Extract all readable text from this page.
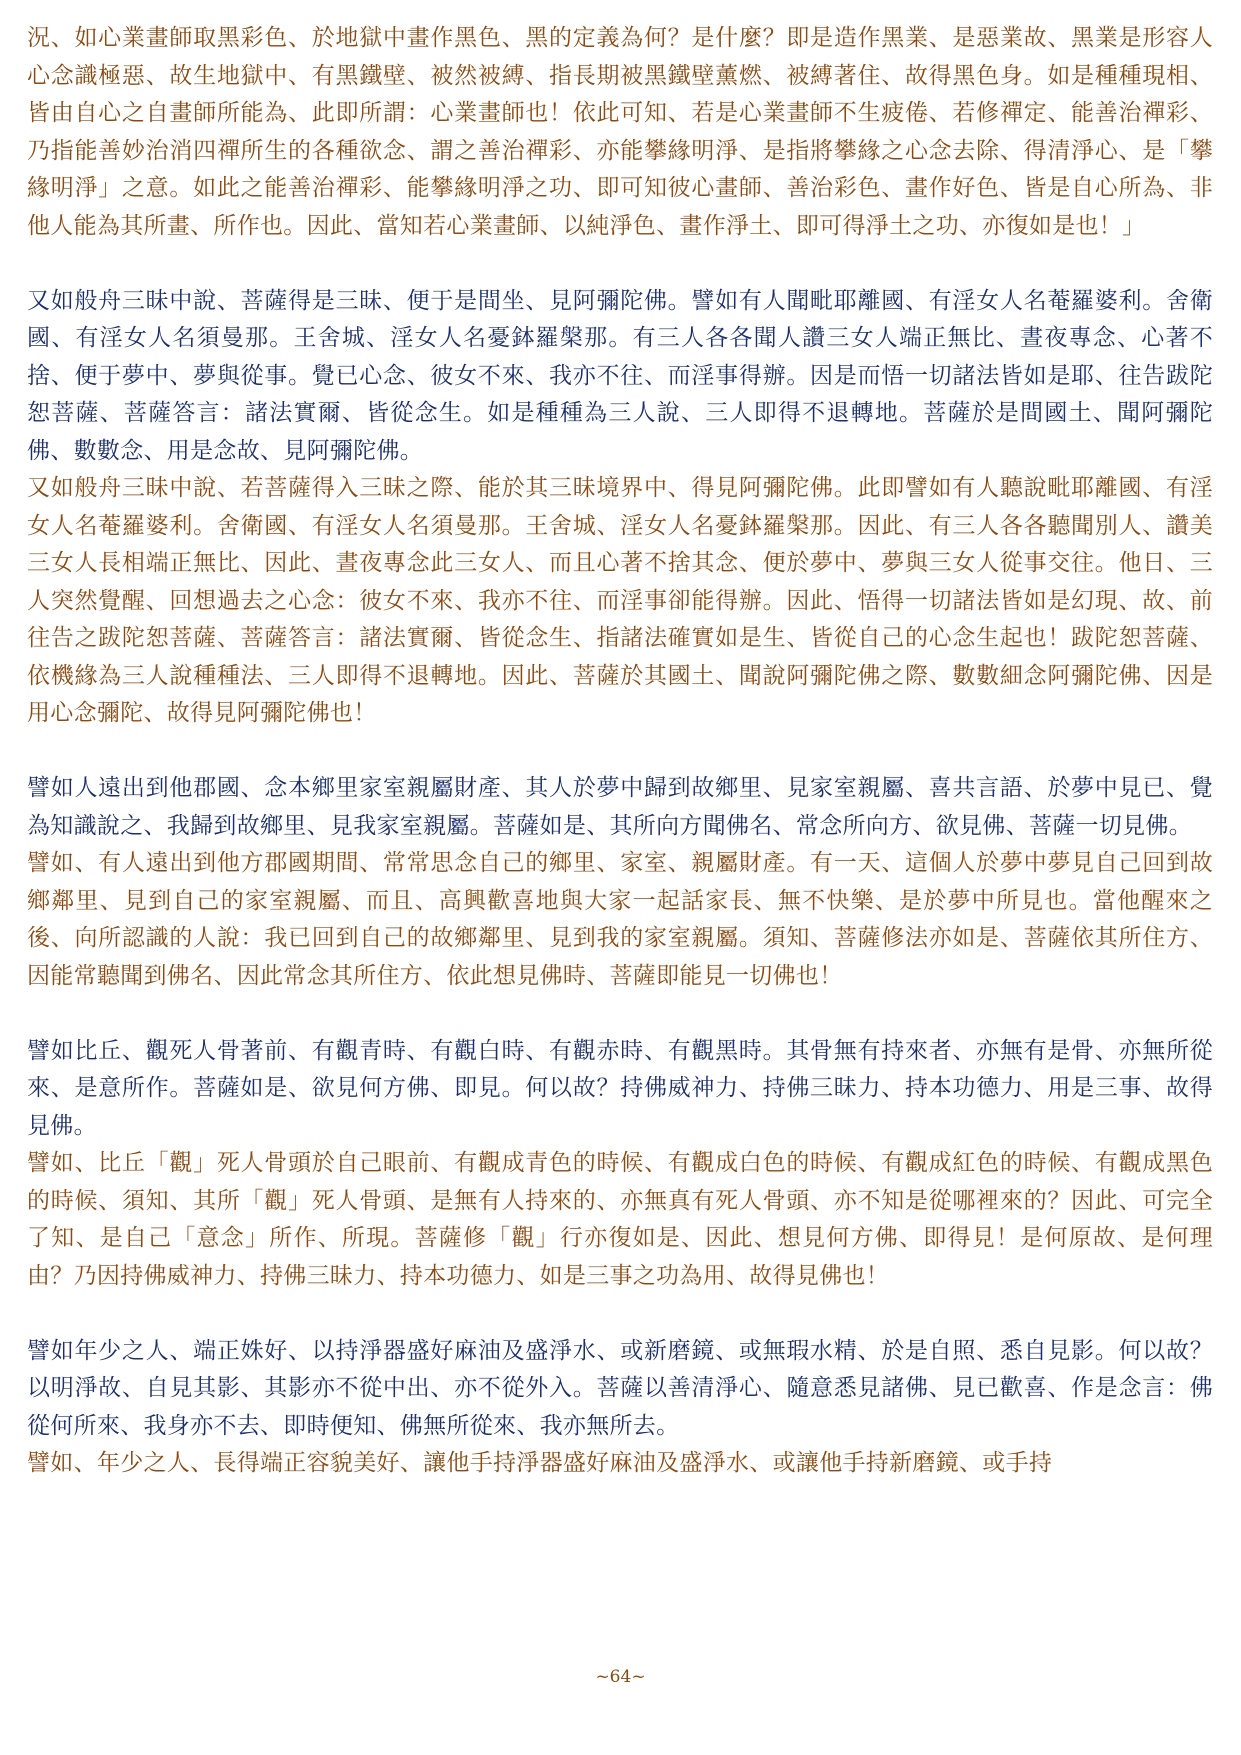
況、如心業畫師取黑彩色、於地獄中畫作黑色、黑的定義為何？是什麼？即是造作黑業、是惡業故、黑業是形容人心念識極惡、故生地獄中、有黑鐵壁、被然被縛、指長期被黑鐵壁薰燃、被縛著住、故得黑色身。如是種種現相、皆由自心之自畫師所能為、此即所謂：心業畫師也！依此可知、若是心業畫師不生疲倦、若修禪定、能善治禪彩、乃指能善妙治消四禪所生的各種欲念、謂之善治禪彩、亦能攀緣明淨、是指將攀緣之心念去除、得清淨心、是「攀緣明淨」之意。如此之能善治禪彩、能攀緣明淨之功、即可知彼心畫師、善治彩色、畫作好色、皆是自心所為、非他人能為其所畫、所作也。因此、當知若心業畫師、以純淨色、畫作淨土、即可得淨土之功、亦復如是也！」

又如般舟三昧中說、菩薩得是三昧、便于是間坐、見阿彌陀佛。譬如有人聞毗耶離國、有淫女人名菴羅婆利。舍衛國、有淫女人名須曼那。王舍城、淫女人名憂鉢羅槃那。有三人各各聞人讚三女人端正無比、晝夜專念、心著不捨、便于夢中、夢與從事。覺已心念、彼女不來、我亦不往、而淫事得辦。因是而悟一切諸法皆如是耶、往告跋陀恕菩薩、菩薩答言：諸法實爾、皆從念生。如是種種為三人說、三人即得不退轉地。菩薩於是間國土、聞阿彌陀佛、數數念、用是念故、見阿彌陀佛。

又如般舟三昧中說、若菩薩得入三昧之際、能於其三昧境界中、得見阿彌陀佛。此即譬如有人聽說毗耶離國、有淫女人名菴羅婆利。舍衛國、有淫女人名須曼那。王舍城、淫女人名憂鉢羅槃那。因此、有三人各各聽聞別人、讚美三女人長相端正無比、因此、晝夜專念此三女人、而且心著不捨其念、便於夢中、夢與三女人從事交往。他日、三人突然覺醒、回想過去之心念：彼女不來、我亦不往、而淫事卻能得辦。因此、悟得一切諸法皆如是幻現、故、前往告之跋陀恕菩薩、菩薩答言：諸法實爾、皆從念生、指諸法確實如是生、皆從自己的心念生起也！跋陀恕菩薩、依機緣為三人說種種法、三人即得不退轉地。因此、菩薩於其國土、聞說阿彌陀佛之際、數數細念阿彌陀佛、因是用心念彌陀、故得見阿彌陀佛也！

譬如人遠出到他郡國、念本鄉里家室親屬財產、其人於夢中歸到故鄉里、見家室親屬、喜共言語、於夢中見已、覺為知識說之、我歸到故鄉里、見我家室親屬。菩薩如是、其所向方聞佛名、常念所向方、欲見佛、菩薩一切見佛。

譬如、有人遠出到他方郡國期間、常常思念自己的鄉里、家室、親屬財產。有一天、這個人於夢中夢見自己回到故鄉鄰里、見到自己的家室親屬、而且、高興歡喜地與大家一起話家長、無不快樂、是於夢中所見也。當他醒來之後、向所認識的人說：我已回到自己的故鄉鄰里、見到我的家室親屬。須知、菩薩修法亦如是、菩薩依其所住方、因能常聽聞到佛名、因此常念其所住方、依此想見佛時、菩薩即能見一切佛也！

譬如比丘、觀死人骨著前、有觀青時、有觀白時、有觀赤時、有觀黑時。其骨無有持來者、亦無有是骨、亦無所從來、是意所作。菩薩如是、欲見何方佛、即見。何以故？持佛威神力、持佛三昧力、持本功德力、用是三事、故得見佛。

譬如、比丘「觀」死人骨頭於自己眼前、有觀成青色的時候、有觀成白色的時候、有觀成紅色的時候、有觀成黑色的時候、須知、其所「觀」死人骨頭、是無有人持來的、亦無真有死人骨頭、亦不知是從哪裡來的？因此、可完全了知、是自己「意念」所作、所現。菩薩修「觀」行亦復如是、因此、想見何方佛、即得見！是何原故、是何理由？乃因持佛威神力、持佛三昧力、持本功德力、如是三事之功為用、故得見佛也！

譬如年少之人、端正姝好、以持淨器盛好麻油及盛淨水、或新磨鏡、或無瑕水精、於是自照、悉自見影。何以故？以明淨故、自見其影、其影亦不從中出、亦不從外入。菩薩以善清淨心、隨意悉見諸佛、見已歡喜、作是念言：佛從何所來、我身亦不去、即時便知、佛無所從來、我亦無所去。

譬如、年少之人、長得端正容貌美好、讓他手持淨器盛好麻油及盛淨水、或讓他手持新磨鏡、或手持

~64~
